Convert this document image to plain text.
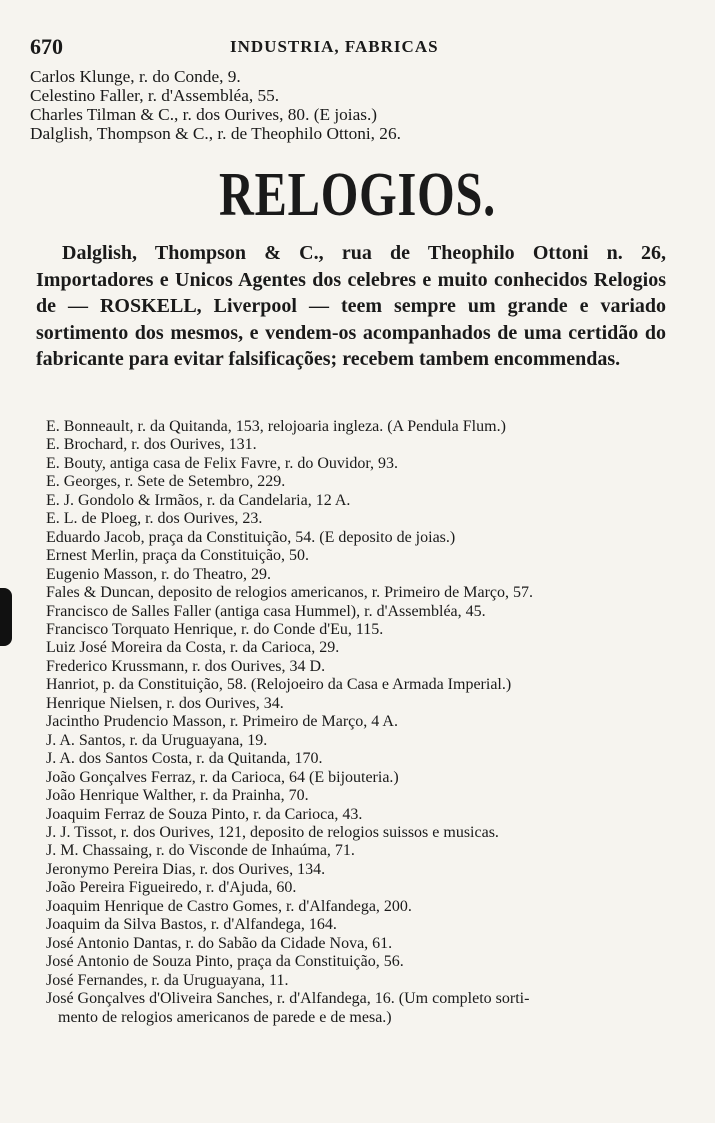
670	INDUSTRIA, FABRICAS
Carlos Klunge, r. do Conde, 9.
Celestino Faller, r. d'Assembléa, 55.
Charles Tilman & C., r. dos Ourives, 80. (E joias.)
Dalglish, Thompson & C., r. de Theophilo Ottoni, 26.
RELOGIOS.
Dalglish, Thompson & C., rua de Theophilo Ottoni n. 26, Importadores e Unicos Agentes dos celebres e muito conhecidos Relogios de — ROSKELL, Liverpool — teem sempre um grande e variado sortimento dos mesmos, e vendem-os acompanhados de uma certidão do fabricante para evitar falsificações; recebem tambem encommendas.
E. Bonneault, r. da Quitanda, 153, relojoaria ingleza. (A Pendula Flum.)
E. Brochard, r. dos Ourives, 131.
E. Bouty, antiga casa de Felix Favre, r. do Ouvidor, 93.
E. Georges, r. Sete de Setembro, 229.
E. J. Gondolo & Irmãos, r. da Candelaria, 12 A.
E. L. de Ploeg, r. dos Ourives, 23.
Eduardo Jacob, praça da Constituição, 54. (E deposito de joias.)
Ernest Merlin, praça da Constituição, 50.
Eugenio Masson, r. do Theatro, 29.
Fales & Duncan, deposito de relogios americanos, r. Primeiro de Março, 57.
Francisco de Salles Faller (antiga casa Hummel), r. d'Assembléa, 45.
Francisco Torquato Henrique, r. do Conde d'Eu, 115.
Luiz José Moreira da Costa, r. da Carioca, 29.
Frederico Krussmann, r. dos Ourives, 34 D.
Hanriot, p. da Constituição, 58. (Relojoeiro da Casa e Armada Imperial.)
Henrique Nielsen, r. dos Ourives, 34.
Jacintho Prudencio Masson, r. Primeiro de Março, 4 A.
J. A. Santos, r. da Uruguayana, 19.
J. A. dos Santos Costa, r. da Quitanda, 170.
João Gonçalves Ferraz, r. da Carioca, 64 (E bijouteria.)
João Henrique Walther, r. da Prainha, 70.
Joaquim Ferraz de Souza Pinto, r. da Carioca, 43.
J. J. Tissot, r. dos Ourives, 121, deposito de relogios suissos e musicas.
J. M. Chassaing, r. do Visconde de Inhaúma, 71.
Jeronymo Pereira Dias, r. dos Ourives, 134.
João Pereira Figueiredo, r. d'Ajuda, 60.
Joaquim Henrique de Castro Gomes, r. d'Alfandega, 200.
Joaquim da Silva Bastos, r. d'Alfandega, 164.
José Antonio Dantas, r. do Sabão da Cidade Nova, 61.
José Antonio de Souza Pinto, praça da Constituição, 56.
José Fernandes, r. da Uruguayana, 11.
José Gonçalves d'Oliveira Sanches, r. d'Alfandega, 16. (Um completo sorti-
mento de relogios americanos de parede e de mesa.)
